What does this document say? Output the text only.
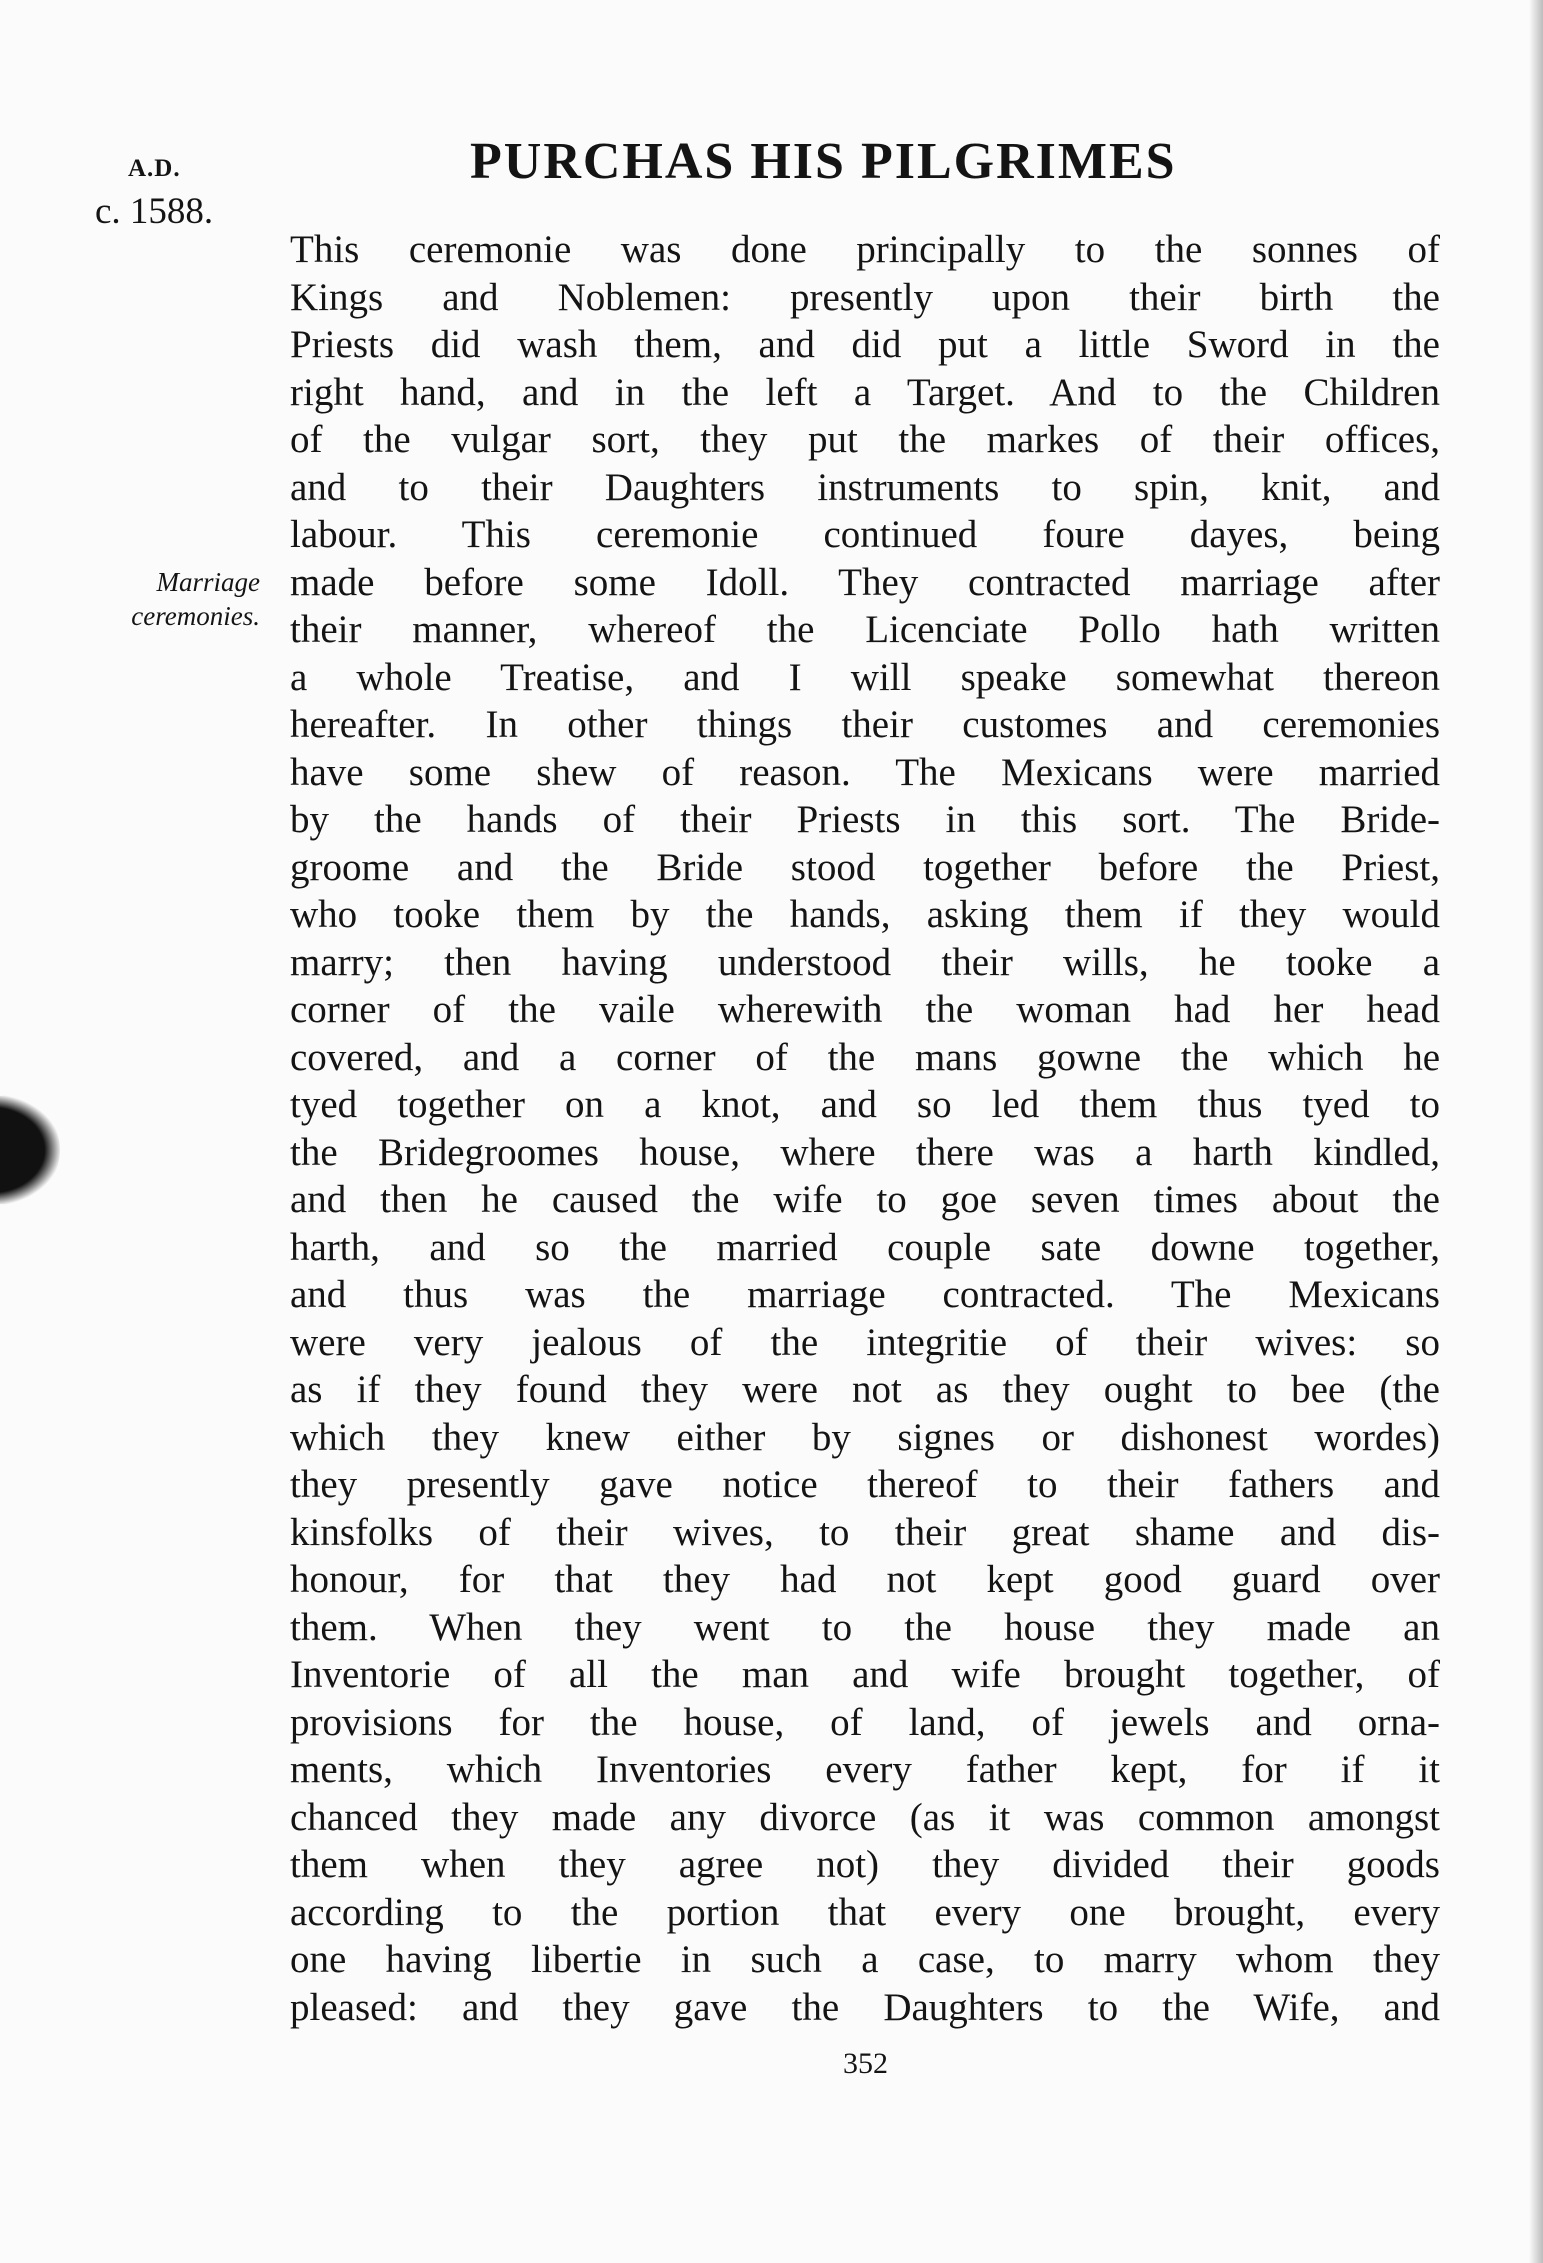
A.D.
c. 1588.
PURCHAS HIS PILGRIMES
Marriage
ceremonies.
This ceremonie was done principally to the sonnes of
Kings and Noblemen: presently upon their birth the
Priests did wash them, and did put a little Sword in the
right hand, and in the left a Target. And to the Children
of the vulgar sort, they put the markes of their offices,
and to their Daughters instruments to spin, knit, and
labour. This ceremonie continued foure dayes, being
made before some Idoll. They contracted marriage after
their manner, whereof the Licenciate Pollo hath written
a whole Treatise, and I will speake somewhat thereon
hereafter. In other things their customes and ceremonies
have some shew of reason. The Mexicans were married
by the hands of their Priests in this sort. The Bride-
groome and the Bride stood together before the Priest,
who tooke them by the hands, asking them if they would
marry; then having understood their wills, he tooke a
corner of the vaile wherewith the woman had her head
covered, and a corner of the mans gowne the which he
tyed together on a knot, and so led them thus tyed to
the Bridegroomes house, where there was a harth kindled,
and then he caused the wife to goe seven times about the
harth, and so the married couple sate downe together,
and thus was the marriage contracted. The Mexicans
were very jealous of the integritie of their wives: so
as if they found they were not as they ought to bee (the
which they knew either by signes or dishonest wordes)
they presently gave notice thereof to their fathers and
kinsfolks of their wives, to their great shame and dis-
honour, for that they had not kept good guard over
them. When they went to the house they made an
Inventorie of all the man and wife brought together, of
provisions for the house, of land, of jewels and orna-
ments, which Inventories every father kept, for if it
chanced they made any divorce (as it was common amongst
them when they agree not) they divided their goods
according to the portion that every one brought, every
one having libertie in such a case, to marry whom they
pleased: and they gave the Daughters to the Wife, and
352
